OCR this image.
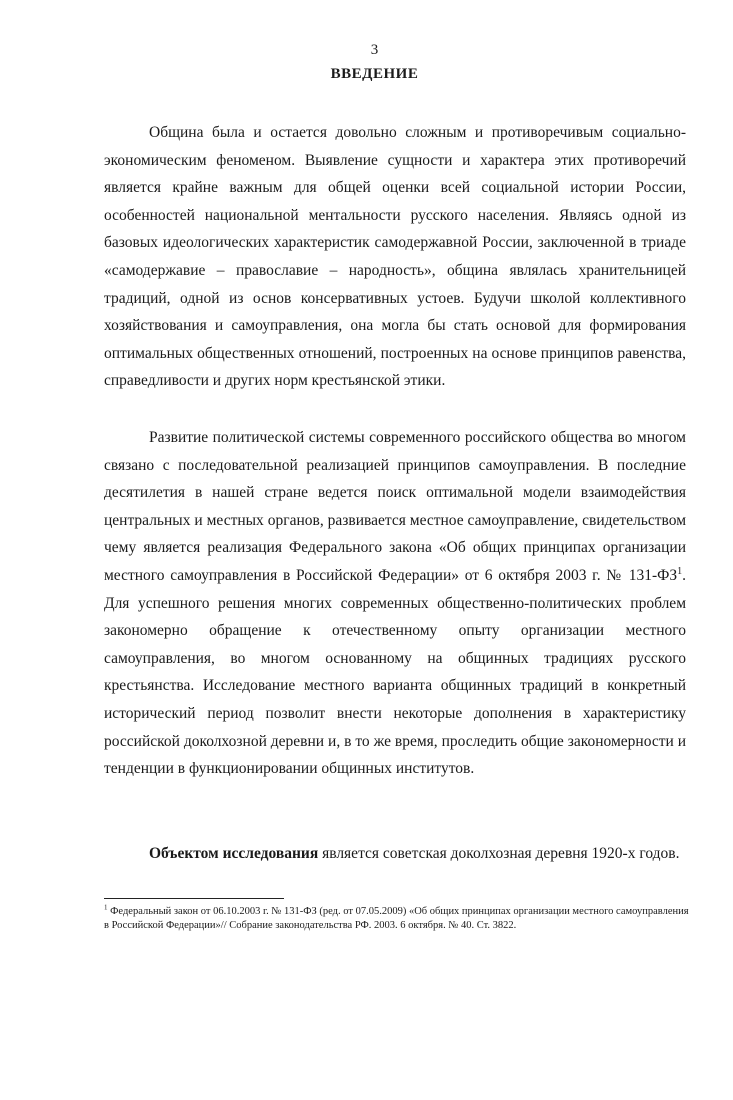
3
ВВЕДЕНИЕ

Община была и остается довольно сложным и противоречивым социально-экономическим феноменом. Выявление сущности и характера этих противоречий является крайне важным для общей оценки всей социальной истории России, особенностей национальной ментальности русского населения. Являясь одной из базовых идеологических характеристик самодержавной России, заключенной в триаде «самодержавие – православие – народность», община являлась хранительницей традиций, одной из основ консервативных устоев. Будучи школой коллективного хозяйствования и самоуправления, она могла бы стать основой для формирования оптимальных общественных отношений, построенных на основе принципов равенства, справедливости и других норм крестьянской этики.

Развитие политической системы современного российского общества во многом связано с последовательной реализацией принципов самоуправления. В последние десятилетия в нашей стране ведется поиск оптимальной модели взаимодействия центральных и местных органов, развивается местное самоуправление, свидетельством чему является реализация Федерального закона «Об общих принципах организации местного самоуправления в Российской Федерации» от 6 октября 2003 г. № $131-ФЗ^1$. Для успешного решения многих современных общественно-политических проблем закономерно обращение к отечественному опыту организации местного самоуправления, во многом основанному на общинных традициях русского крестьянства. Исследование местного варианта общинных традиций в конкретный исторический период позволит внести некоторые дополнения в характеристику российской доколхозной деревни и, в то же время, проследить общие закономерности и тенденции в функционировании общинных институтов.

Объектом исследования является советская доколхозная деревня 1920-х годов.

$^1$ Федеральный закон от 06.10.2003 г. № 131-ФЗ (ред. от 07.05.2009) «Об общих принципах организации местного самоуправления в Российской Федерации»// Собрание законодательства РФ. 2003. 6 октября. № 40. Ст. 3822.
